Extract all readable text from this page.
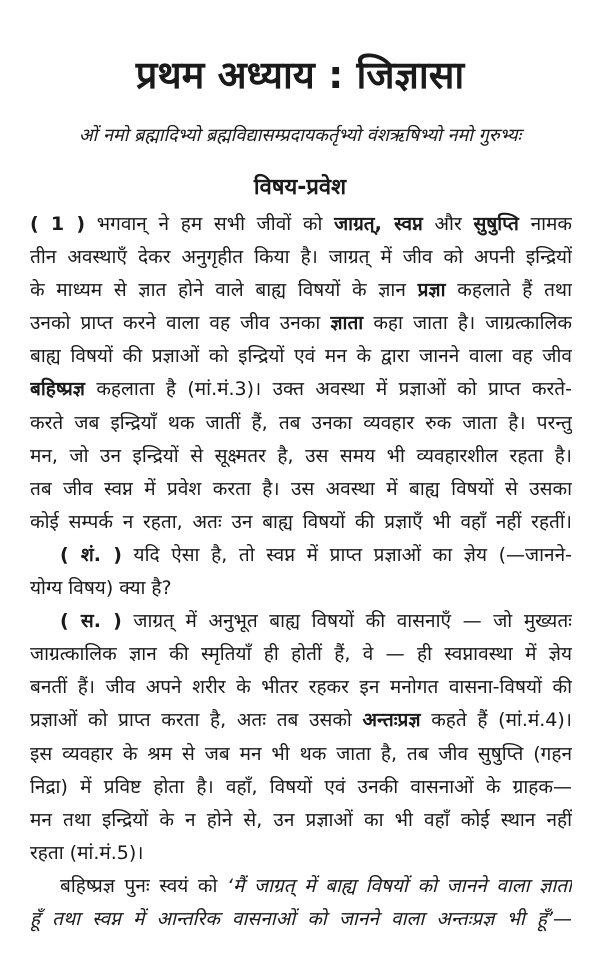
प्रथम अध्याय : जिज्ञासा
ओं नमो ब्रह्मादिभ्यो ब्रह्मविद्यासम्प्रदायकर्तृभ्यो वंशऋषिभ्यो नमो गुरुभ्यः
विषय-प्रवेश
( 1 ) भगवान् ने हम सभी जीवों को जाग्रत्, स्वप्न और सुषुप्ति नामक
तीन अवस्थाएँ देकर अनुगृहीत किया है। जाग्रत् में जीव को अपनी इन्द्रियों
के माध्यम से ज्ञात होने वाले बाह्य विषयों के ज्ञान प्रज्ञा कहलाते हैं तथा
उनको प्राप्त करने वाला वह जीव उनका ज्ञाता कहा जाता है। जाग्रत्कालिक
बाह्य विषयों की प्रज्ञाओं को इन्द्रियों एवं मन के द्वारा जानने वाला वह जीव
बहिष्प्रज्ञ कहलाता है (मां.मं.3)। उक्त अवस्था में प्रज्ञाओं को प्राप्त करते-
करते जब इन्द्रियाँ थक जातीं हैं, तब उनका व्यवहार रुक जाता है। परन्तु
मन, जो उन इन्द्रियों से सूक्ष्मतर है, उस समय भी व्यवहारशील रहता है।
तब जीव स्वप्न में प्रवेश करता है। उस अवस्था में बाह्य विषयों से उसका
कोई सम्पर्क न रहता, अतः उन बाह्य विषयों की प्रज्ञाएँ भी वहाँ नहीं रहतीं।
( शं. ) यदि ऐसा है, तो स्वप्न में प्राप्त प्रज्ञाओं का ज्ञेय (—जानने-
योग्य विषय) क्या है?
( स. ) जाग्रत् में अनुभूत बाह्य विषयों की वासनाएँ — जो मुख्यतः
जाग्रत्कालिक ज्ञान की स्मृतियाँ ही होतीं हैं, वे — ही स्वप्नावस्था में ज्ञेय
बनतीं हैं। जीव अपने शरीर के भीतर रहकर इन मनोगत वासना-विषयों की
प्रज्ञाओं को प्राप्त करता है, अतः तब उसको अन्तःप्रज्ञ कहते हैं (मां.मं.4)।
इस व्यवहार के श्रम से जब मन भी थक जाता है, तब जीव सुषुप्ति (गहन
निद्रा) में प्रविष्ट होता है। वहाँ, विषयों एवं उनकी वासनाओं के ग्राहक—
मन तथा इन्द्रियों के न होने से, उन प्रज्ञाओं का भी वहाँ कोई स्थान नहीं
रहता (मां.मं.5)।
बहिष्प्रज्ञ पुनः स्वयं को ‘मैं जाग्रत् में बाह्य विषयों को जानने वाला ज्ञाता
हूँ तथा स्वप्न में आन्तरिक वासनाओं को जानने वाला अन्तःप्रज्ञ भी हूँ’—
